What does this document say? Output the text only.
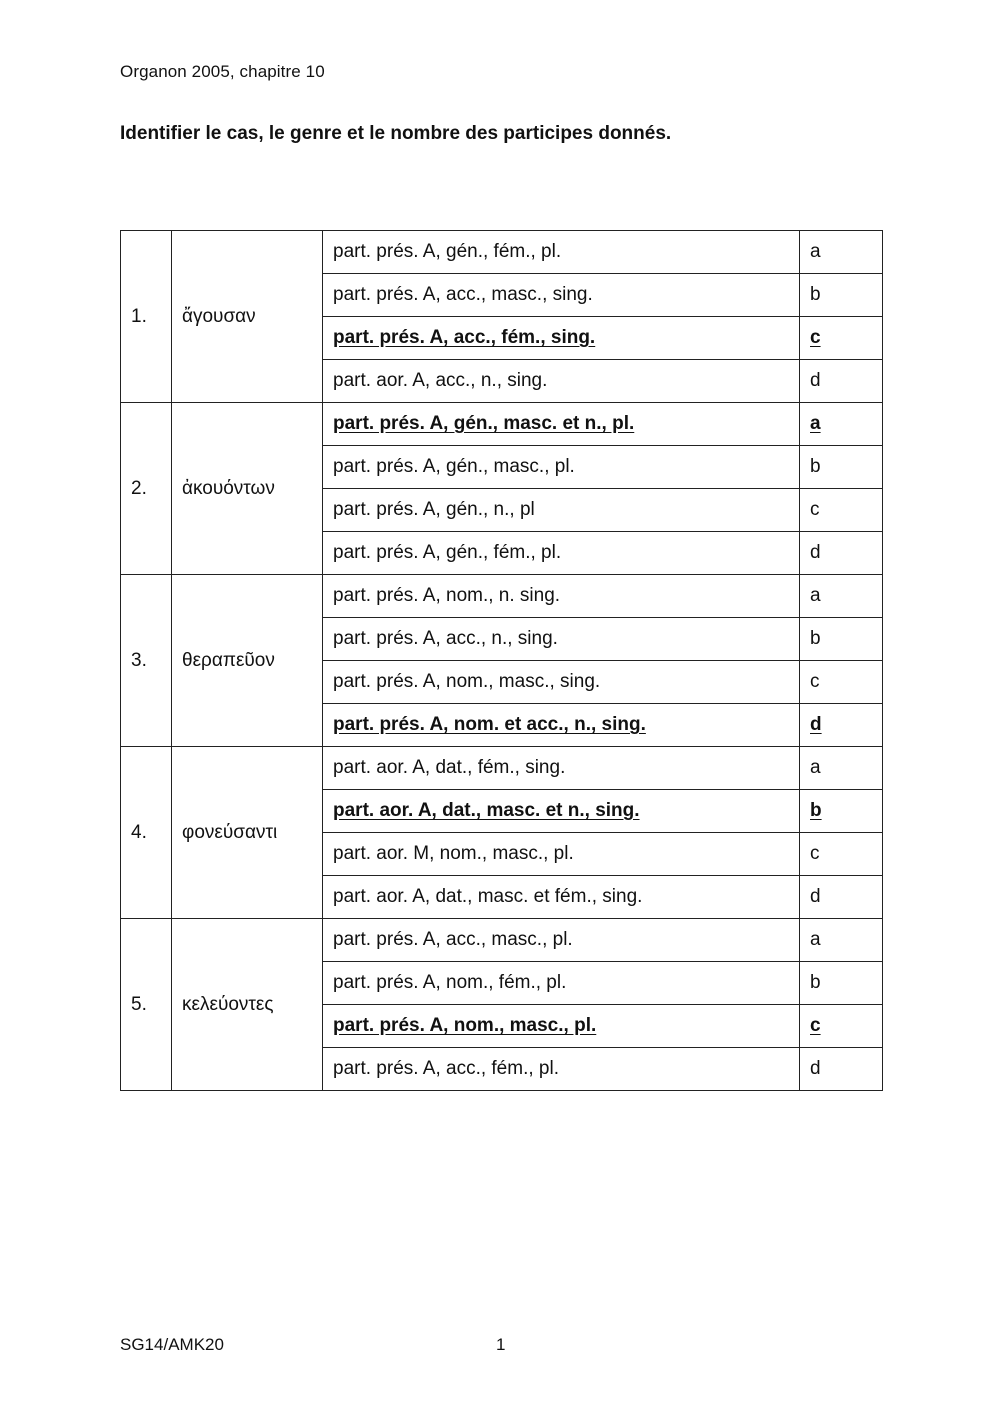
Organon 2005, chapitre 10
Identifier le cas, le genre et le nombre des participes donnés.
1.	ἄγουσαν	part. prés. A, gén., fém., pl.	a
		part. prés. A, acc., masc., sing.	b
		part. prés. A, acc., fém., sing.	c
		part. aor. A, acc., n., sing.	d
2.	ἀκουόντων	part. prés. A, gén., masc. et n., pl.	a
		part. prés. A, gén., masc., pl.	b
		part. prés. A, gén., n., pl	c
		part. prés. A, gén., fém., pl.	d
3.	θεραπεῦον	part. prés. A, nom., n. sing.	a
		part. prés. A, acc., n., sing.	b
		part. prés. A, nom., masc., sing.	c
		part. prés. A, nom. et acc., n., sing.	d
4.	φονεύσαντι	part. aor. A, dat., fém., sing.	a
		part. aor. A, dat., masc. et n., sing.	b
		part. aor. M, nom., masc., pl.	c
		part. aor. A, dat., masc. et fém., sing.	d
5.	κελεύοντες	part. prés. A, acc., masc., pl.	a
		part. prés. A, nom., fém., pl.	b
		part. prés. A, nom., masc., pl.	c
		part. prés. A, acc., fém., pl.	d
SG14/AMK20	1
